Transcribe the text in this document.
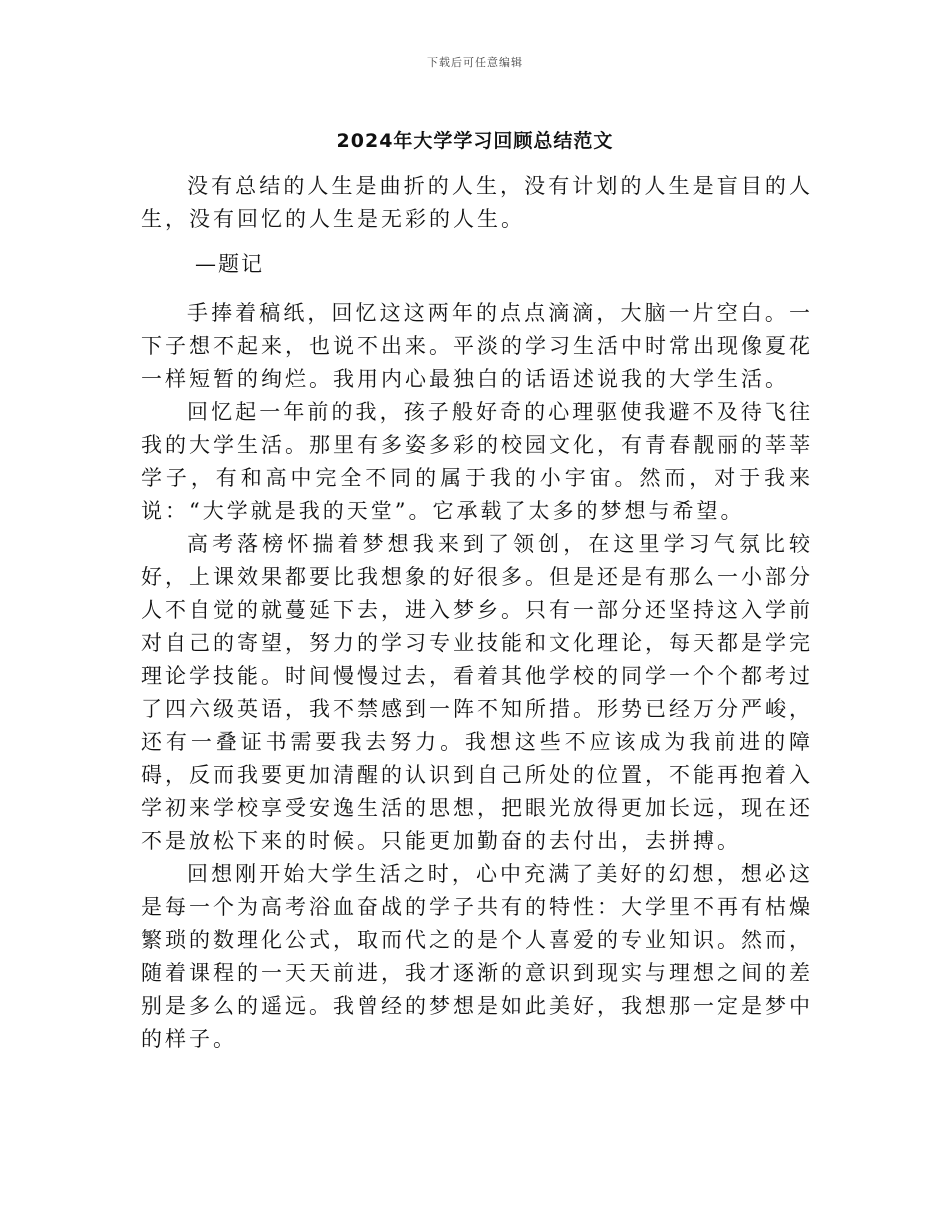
下载后可任意编辑
2024年大学学习回顾总结范文

没有总结的人生是曲折的人生，没有计划的人生是盲目的人生，没有回忆的人生是无彩的人生。

—题记

手捧着稿纸，回忆这这两年的点点滴滴，大脑一片空白。一下子想不起来，也说不出来。平淡的学习生活中时常出现像夏花一样短暂的绚烂。我用内心最独白的话语述说我的大学生活。

回忆起一年前的我，孩子般好奇的心理驱使我避不及待飞往我的大学生活。那里有多姿多彩的校园文化，有青春靓丽的莘莘学子，有和高中完全不同的属于我的小宇宙。然而，对于我来说：“大学就是我的天堂”。它承载了太多的梦想与希望。

高考落榜怀揣着梦想我来到了领创，在这里学习气氛比较好，上课效果都要比我想象的好很多。但是还是有那么一小部分人不自觉的就蔓延下去，进入梦乡。只有一部分还坚持这入学前对自己的寄望，努力的学习专业技能和文化理论，每天都是学完理论学技能。时间慢慢过去，看着其他学校的同学一个个都考过了四六级英语，我不禁感到一阵不知所措。形势已经万分严峻，还有一叠证书需要我去努力。我想这些不应该成为我前进的障碍，反而我要更加清醒的认识到自己所处的位置，不能再抱着入学初来学校享受安逸生活的思想，把眼光放得更加长远，现在还不是放松下来的时候。只能更加勤奋的去付出，去拼搏。

回想刚开始大学生活之时，心中充满了美好的幻想，想必这是每一个为高考浴血奋战的学子共有的特性：大学里不再有枯燥繁琐的数理化公式，取而代之的是个人喜爱的专业知识。然而，随着课程的一天天前进，我才逐渐的意识到现实与理想之间的差别是多么的遥远。我曾经的梦想是如此美好，我想那一定是梦中的样子。
